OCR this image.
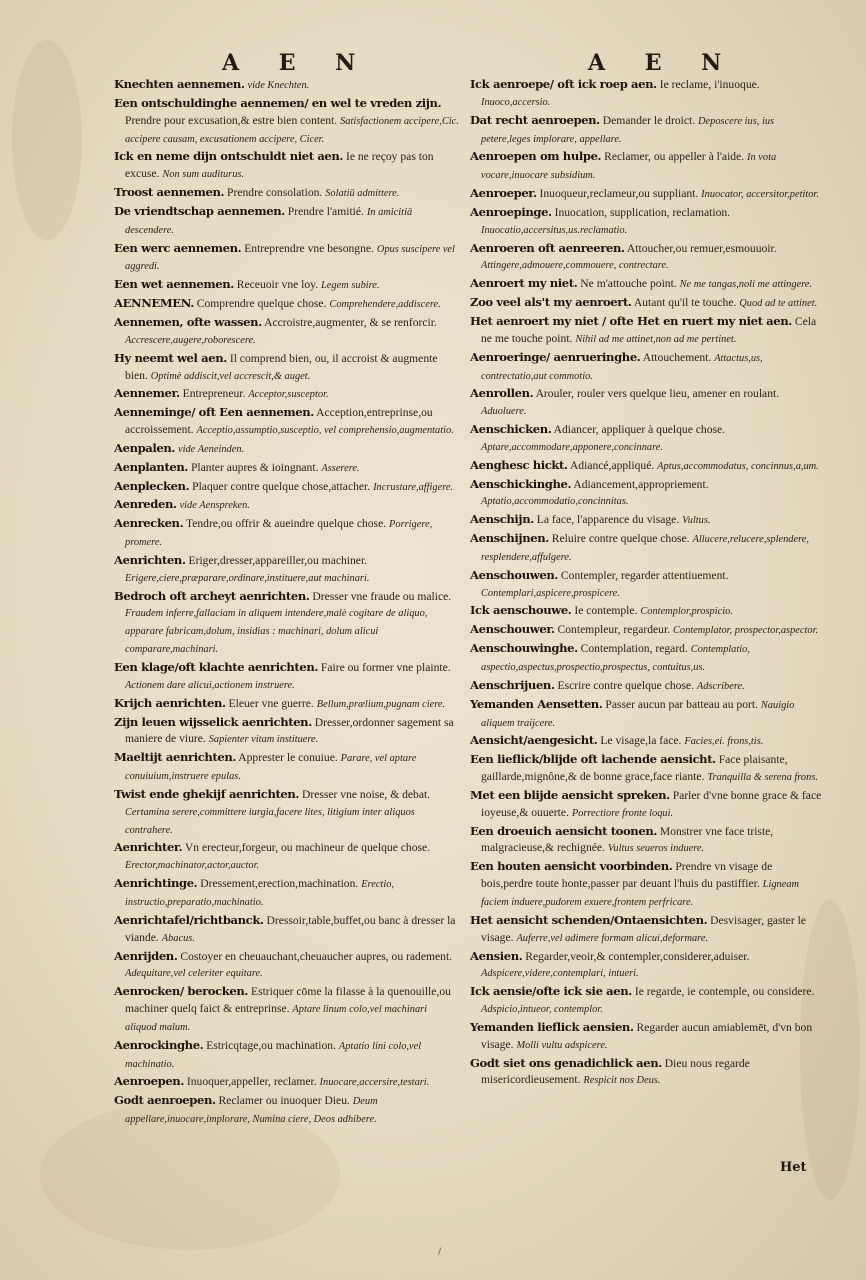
A E N	A E N

Knechten aennemen. vide Knechten.

Een ontschuldinghe aennemen/ en wel te vreden zijn. Prendre pour excusation,& estre bien content. Satisfactionem accipere,Cic. accipere causam, excusationem accipere, Cicer.

Ick en neme dijn ontschuldt niet aen. Ie ne reçoy pas ton excuse. Non sum auditurus.

Troost aennemen. Prendre consolation. Solatiū admittere.

De vriendtschap aennemen. Prendre l'amitié. In amicitiā descendere.

Een werc aennemen. Entreprendre vne besongne. Opus suscipere vel aggredi.

Een wet aennemen. Receuoir vne loy. Legem subire.

AENNEMEN. Comprendre quelque chose. Comprehendere,addiscere.

Aennemen, ofte wassen. Accroistre,augmenter, & se renforcir. Accrescere,augere,roborescere.

Hy neemt wel aen. Il comprend bien, ou, il accroist & augmente bien. Optimè addiscit,vel accrescit,& auget.

Aennemer. Entrepreneur. Acceptor,susceptor.

Aenneminge/ oft Een aennemen. Acception,entreprinse,ou accroissement. Acceptio,assumptio,susceptio, vel comprehensio,augmentatio.

Aenpalen. vide Aeneinden.

Aenplanten. Planter aupres & ioingnant. Asserere.

Aenplecken. Plaquer contre quelque chose,attacher. Incrustare,affigere.

Aenreden. vide Aenspreken.

Aenrecken. Tendre,ou offrir & aueindre quelque chose. Porrigere, promere.

Aenrichten. Eriger,dresser,appareiller,ou machiner. Erigere,ciere,præparare,ordinare,instituere,aut machinari.

Bedroch oft archeyt aenrichten. Dresser vne fraude ou malice. Fraudem inferre,fallaciam in aliquem intendere,malè cogitare de aliquo, apparare fabricam,dolum, insidias : machinari, dolum alicui comparare,machinari.

Een klage/oft klachte aenrichten. Faire ou former vne plainte. Actionem dare alicui,actionem instruere.

Krijch aenrichten. Eleuer vne guerre. Bellum,prælium,pugnam ciere.

Zijn leuen wijsselick aenrichten. Dresser,ordonner sagement sa maniere de viure. Sapienter vitam instituere.

Maeltijt aenrichten. Apprester le conuiue. Parare, vel aptare conuiuium,instruere epulas.

Twist ende ghekijf aenrichten. Dresser vne noise, & debat. Certamina serere,committere iurgia,facere lites, litigium inter aliquos contrahere.

Aenrichter. Vn erecteur,forgeur, ou machineur de quelque chose. Erector,machinator,actor,auctor.

Aenrichtinge. Dressement,erection,machination. Erectio, instructio,preparatio,machinatio.

Aenrichtafel/richtbanck. Dressoir,table,buffet,ou banc à dresser la viande. Abacus.

Aenrijden. Costoyer en cheuauchant,cheuaucher aupres, ou radement. Adequitare,vel celeriter equitare.

Aenrocken/ berocken. Estriquer cōme la filasse à la quenouille,ou machiner quelq faict & entreprinse. Aptare linum colo,vel machinari aliquod malum.

Aenrockinghe. Estricqtage,ou machination. Aptatio lini colo,vel machinatio.

Aenroepen. Inuoquer,appeller, reclamer. Inuocare,accersire,testari.

Godt aenroepen. Reclamer ou inuoquer Dieu. Deum appellare,inuocare,implorare, Numina ciere, Deos adhibere.

Ick aenroepe/ oft ick roep aen. Ie reclame, i'inuoque. Inuoco,accersio.

Dat recht aenroepen. Demander le droict. Deposcere ius, ius petere,leges implorare, appellare.

Aenroepen om hulpe. Reclamer, ou appeller à l'aide. In vota vocare,inuocare subsidium.

Aenroeper. Inuoqueur,reclameur,ou suppliant. Inuocator, accersitor,petitor.

Aenroepinge. Inuocation, supplication, reclamation. Inuocatio,accersitus,us.reclamatio.

Aenroeren oft aenreeren. Attoucher,ou remuer,esmouuoir. Attingere,admouere,commouere, contrectare.

Aenroert my niet. Ne m'attouche point. Ne me tangas,noli me attingere.

Zoo veel als't my aenroert. Autant qu'il te touche. Quod ad te attinet.

Het aenroert my niet / ofte Het en ruert my niet aen. Cela ne me touche point. Nihil ad me attinet,non ad me pertinet.

Aenroeringe/ aenrueringhe. Attouchement. Attactus,us, contrectatio,aut commotio.

Aenrollen. Arouler, rouler vers quelque lieu, amener en roulant. Aduoluere.

Aenschicken. Adiancer, appliquer à quelque chose. Aptare,accommodare,apponere,concinnare.

Aenghesc hickt. Adiancé,appliqué. Aptus,accommodatus, concinnus,a,um.

Aenschickinghe. Adiancement,appropriement. Aptatio,accommodatio,concinnitas.

Aenschijn. La face, l'apparence du visage. Vultus.

Aenschijnen. Reluire contre quelque chose. Allucere,relucere,splendere, resplendere,affulgere.

Aenschouwen. Contempler, regarder attentiuement. Contemplari,aspicere,prospicere.

Ick aenschouwe. Ie contemple. Contemplor,prospicio.

Aenschouwer. Contempleur, regardeur. Contemplator, prospector,aspector.

Aenschouwinghe. Contemplation, regard. Contemplatio, aspectio,aspectus,prospectio,prospectus, contuitus,us.

Aenschrijuen. Escrire contre quelque chose. Adscribere.

Yemanden Aensetten. Passer aucun par batteau au port. Nauigio aliquem traijcere.

Aensicht/aengesicht. Le visage,la face. Facies,ei. frons,tis.

Een lieflick/blijde oft lachende aensicht. Face plaisante, gaillarde,mignône,& de bonne grace,face riante. Tranquilla & serena frons.

Met een blijde aensicht spreken. Parler d'vne bonne grace & face ioyeuse,& ouuerte. Porrectiore fronte loqui.

Een droeuich aensicht toonen. Monstrer vne face triste, malgracieuse,& rechignée. Vultus seueros induere.

Een houten aensicht voorbinden. Prendre vn visage de bois,perdre toute honte,passer par deuant l'huis du pastiffier. Ligneam faciem induere,pudorem exuere,frontem perfricare.

Het aensicht schenden/Ontaensichten. Desvisager, gaster le visage. Auferre,vel adimere formam alicui,deformare.

Aensien. Regarder,veoir,& contempler,considerer,aduiser. Adspicere,videre,contemplari, intueri.

Ick aensie/ofte ick sie aen. Ie regarde, ie contemple, ou considere. Adspicio,intueor, contemplor.

Yemanden lieflick aensien. Regarder aucun amiablemēt, d'vn bon visage. Molli vultu adspicere.

Godt siet ons genadichlick aen. Dieu nous regarde misericordieusement. Respicit nos Deus.

Het
/
